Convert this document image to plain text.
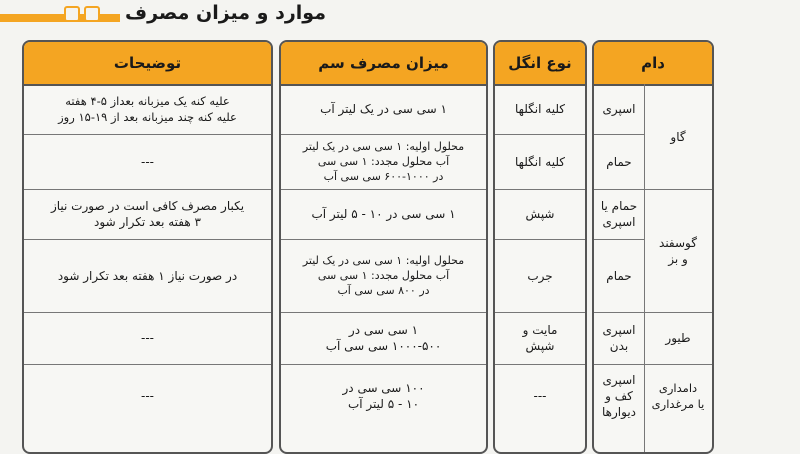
موارد و میزان مصرف
توضیحات
علیه کنه یک میزبانه بعداز ۵-۴ هفته
علیه کنه چند میزبانه بعد از ۱۹-۱۵ روز
---
یکبار مصرف کافی است در صورت نیاز
۳ هفته بعد تکرار شود
در صورت نیاز ۱ هفته بعد تکرار شود
---
---
میزان مصرف سم
۱ سی سی در یک لیتر آب
محلول اولیه: ۱ سی سی در یک لیتر
آب محلول مجدد: ۱ سی سی
در ۱۰۰۰-۶۰۰ سی سی آب
۱ سی سی در ۱۰ - ۵ لیتر آب
محلول اولیه: ۱ سی سی در یک لیتر
آب محلول مجدد: ۱ سی سی
در ۸۰۰ سی سی آب
۱ سی سی در
۱۰۰۰-۵۰۰ سی سی آب
۱۰۰ سی سی در
۱۰ - ۵ لیتر آب
نوع انگل
کلیه انگلها
کلیه انگلها
شپش
جرب
مایت و
شپش
---
دام
اسپری
حمام
حمام یا
اسپری
حمام
اسپری
بدن
اسپری
کف و
دیوارها
گاو
گوسفند
و بز
طیور
دامداری
یا مرغداری
